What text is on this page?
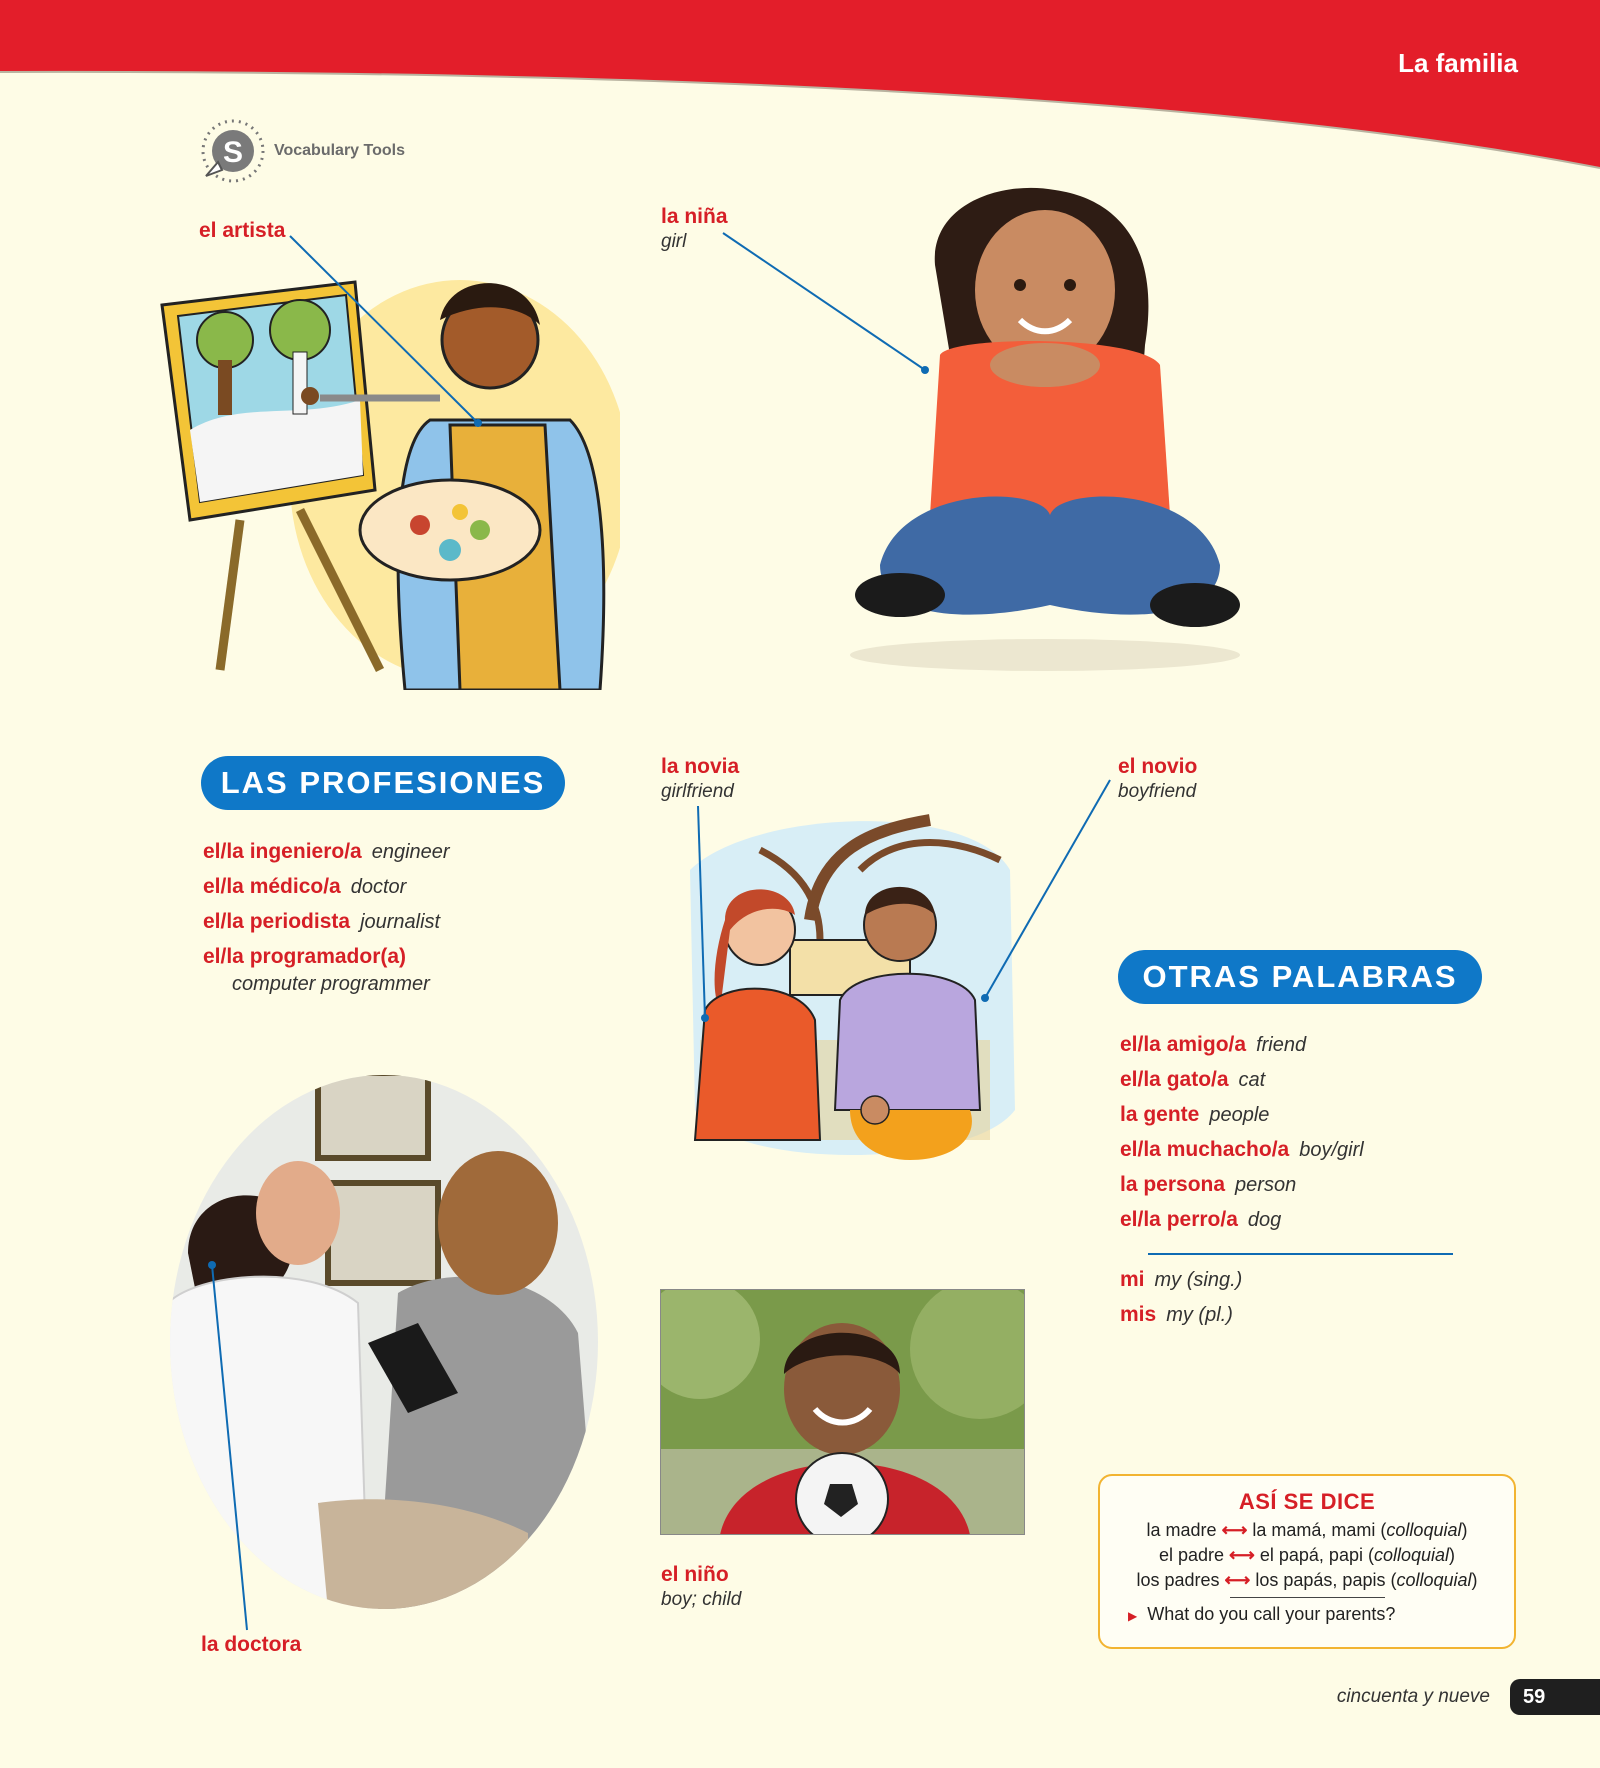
La familia
S Vocabulary Tools
el artista
la niña
girl
LAS PROFESIONES
el/la ingeniero/a engineer
el/la médico/a doctor
el/la periodista journalist
el/la programador(a)
computer programmer
la novia
girlfriend
el novio
boyfriend
OTRAS PALABRAS
el/la amigo/a friend
el/la gato/a cat
la gente people
el/la muchacho/a boy/girl
la persona person
el/la perro/a dog
mi my (sing.)
mis my (pl.)
la doctora
el niño
boy; child
ASÍ SE DICE
la madre ⟷ la mamá, mami (colloquial)
el padre ⟷ el papá, papi (colloquial)
los padres ⟷ los papás, papis (colloquial)
▶ What do you call your parents?
cincuenta y nueve	59
